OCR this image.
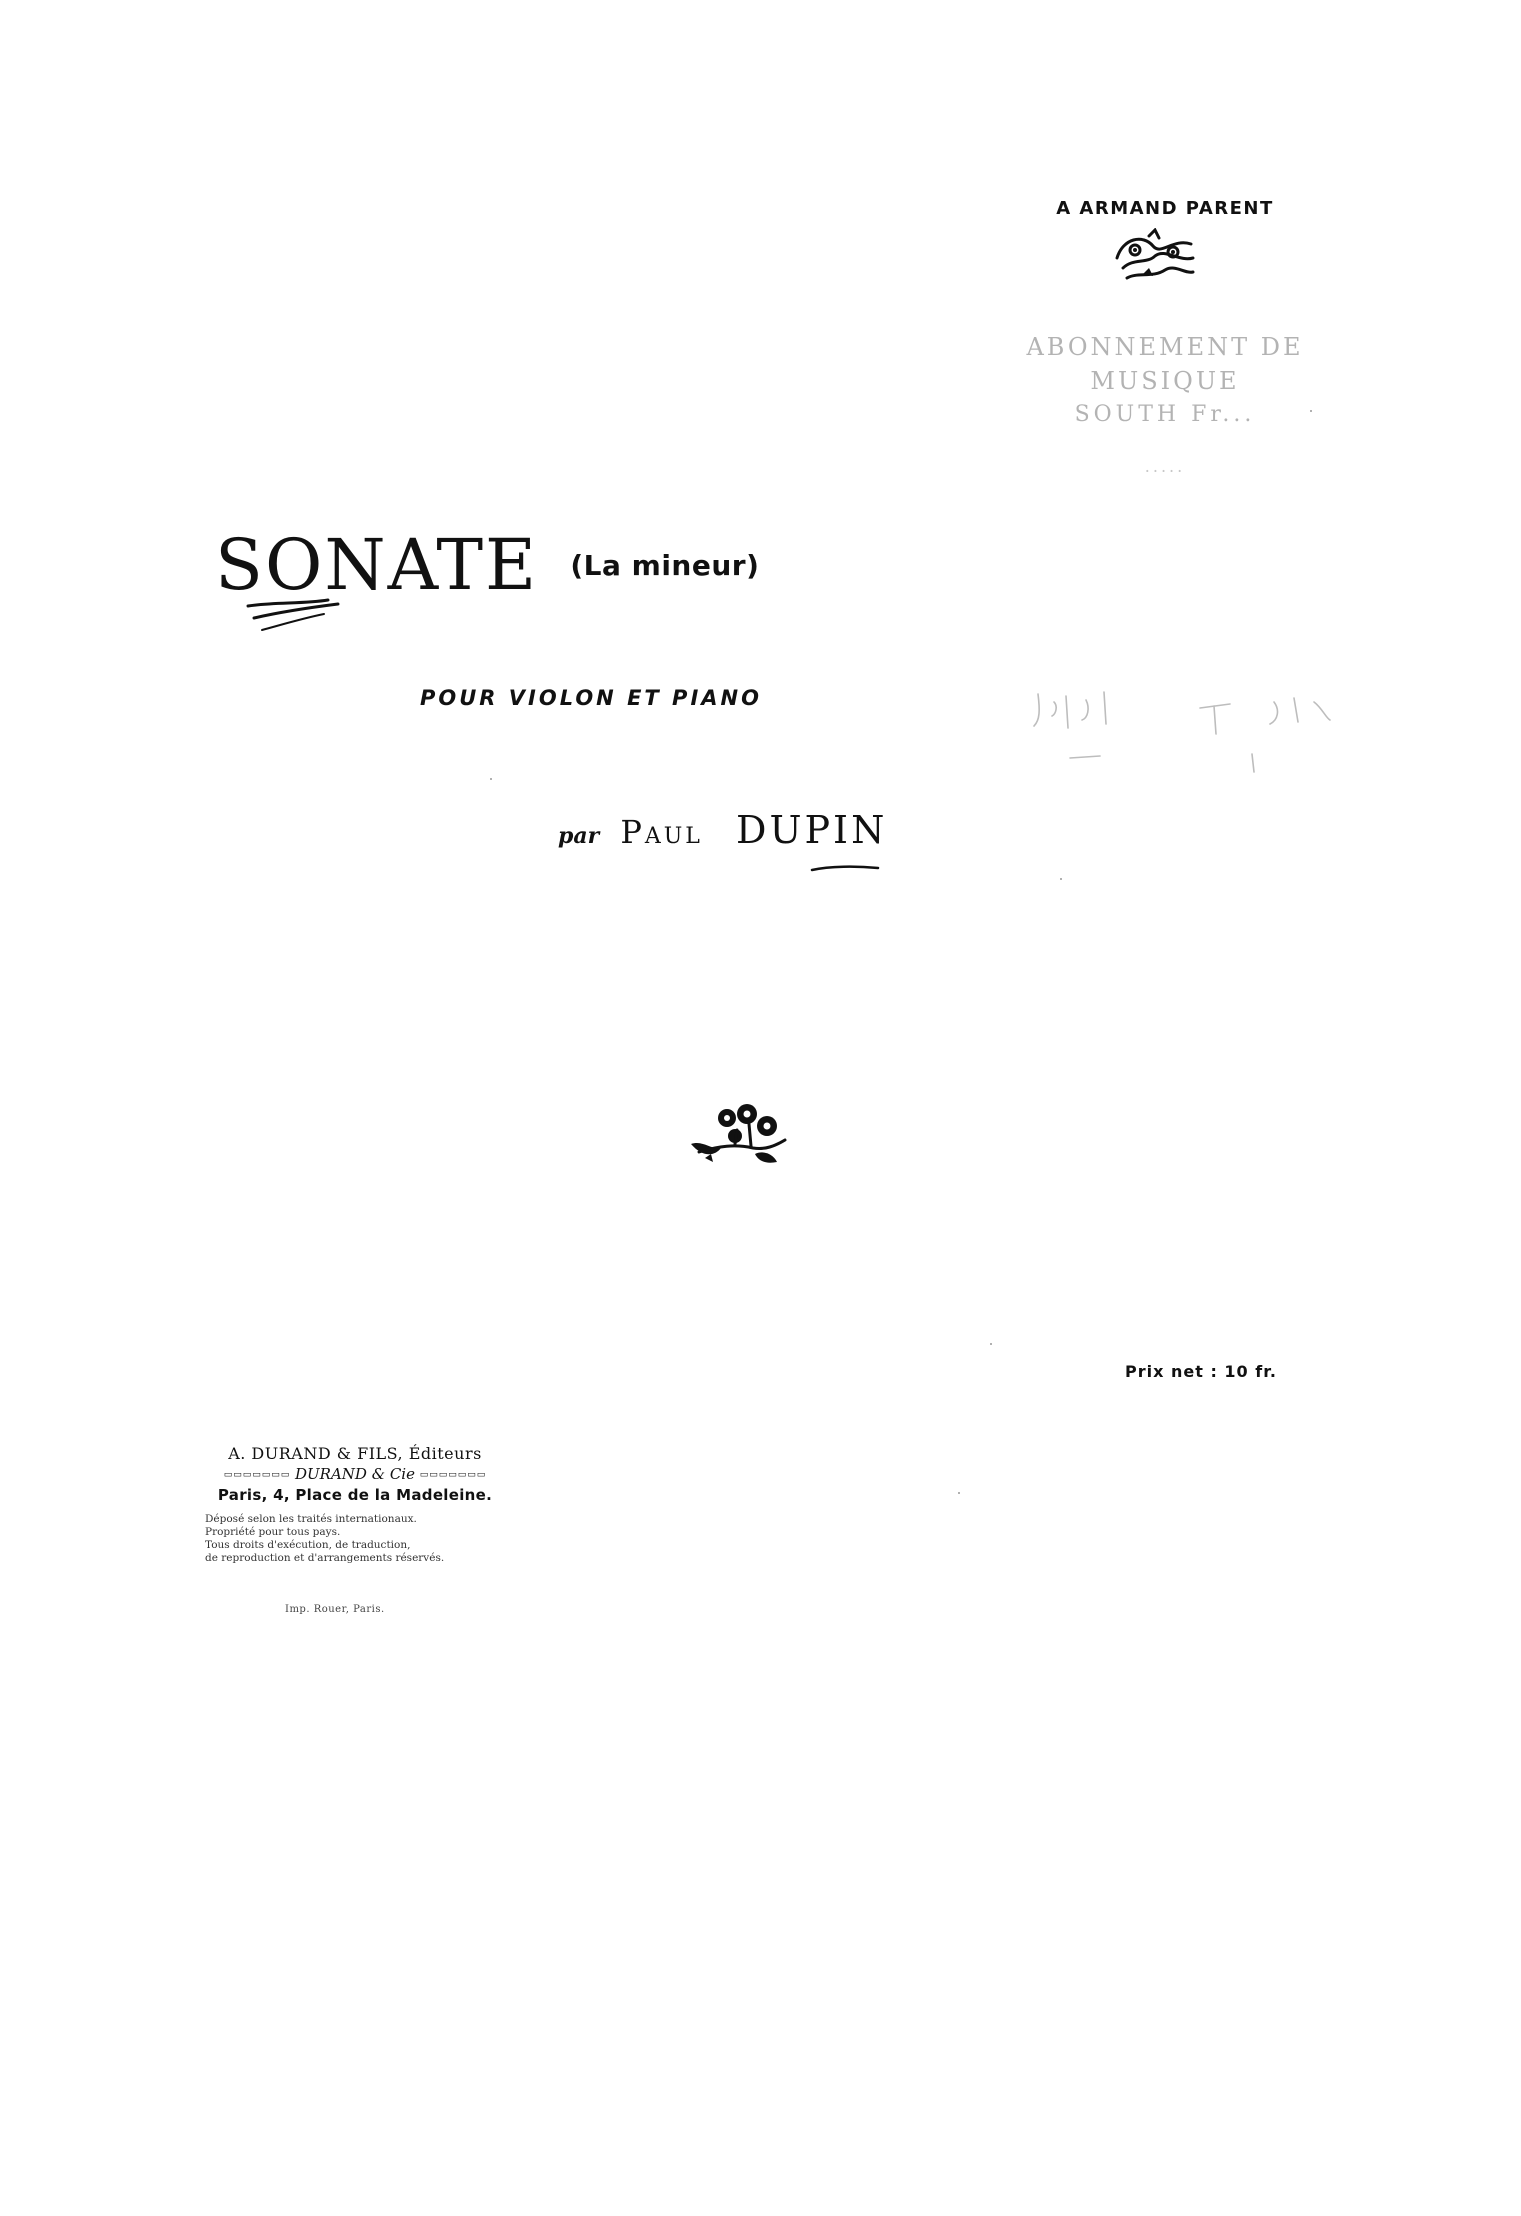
A ARMAND PARENT
ABONNEMENT DE MUSIQUE
SOUTH Fr...
.....
SONATE $^{(La mineur)}$
POUR VIOLON ET PIANO
par Paul DUPIN
Prix net : 10 fr.
A. DURAND & FILS, Éditeurs
▭▭▭▭▭▭▭ DURAND & Cie ▭▭▭▭▭▭▭
Paris, 4, Place de la Madeleine.
Déposé selon les traités internationaux.
Propriété pour tous pays.
Tous droits d'exécution, de traduction,
de reproduction et d'arrangements réservés.
Imp. Rouer, Paris.
